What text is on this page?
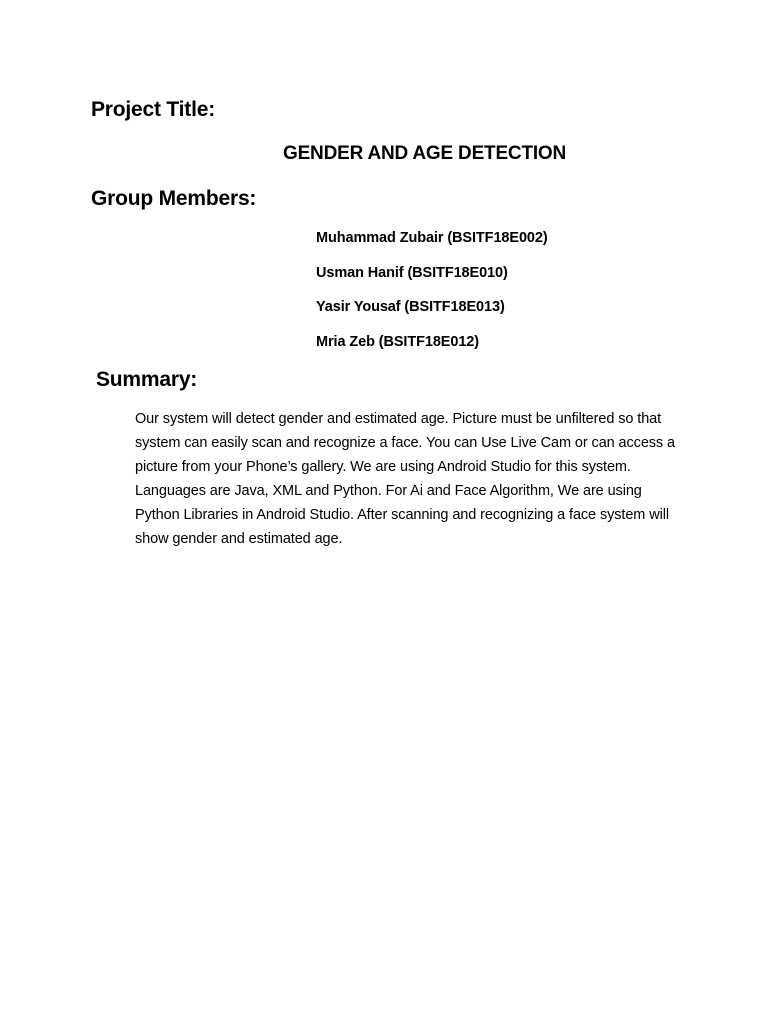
Project Title:
GENDER AND AGE DETECTION
Group Members:
Muhammad Zubair (BSITF18E002)
Usman Hanif (BSITF18E010)
Yasir Yousaf (BSITF18E013)
Mria Zeb (BSITF18E012)
Summary:

Our system will detect gender and estimated age. Picture must be unfiltered so that system can easily scan and recognize a face. You can Use Live Cam or can access a picture from your Phone’s gallery. We are using Android Studio for this system. Languages are Java, XML and Python. For Ai and Face Algorithm, We are using Python Libraries in Android Studio. After scanning and recognizing a face system will show gender and estimated age.
